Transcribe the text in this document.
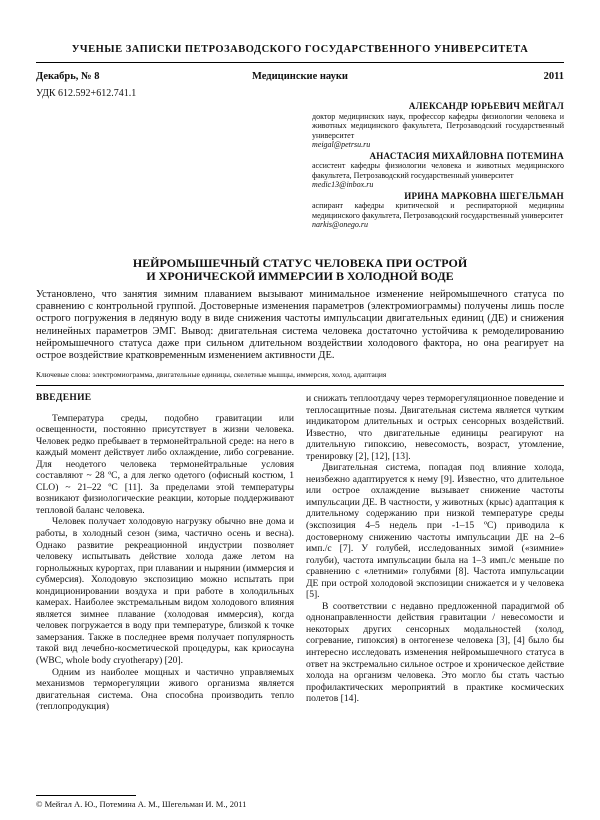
УЧЕНЫЕ ЗАПИСКИ ПЕТРОЗАВОДСКОГО ГОСУДАРСТВЕННОГО УНИВЕРСИТЕТА
Декабрь, № 8	Медицинские науки	2011
УДК 612.592+612.741.1
АЛЕКСАНДР ЮРЬЕВИЧ МЕЙГАЛ
доктор медицинских наук, профессор кафедры физиологии человека и животных медицинского факультета, Петрозаводский государственный университет
meigal@petrsu.ru
АНАСТАСИЯ МИХАЙЛОВНА ПОТЕМИНА
ассистент кафедры физиологии человека и животных медицинского факультета, Петрозаводский государственный университет
medic13@inbox.ru
ИРИНА МАРКОВНА ШЕГЕЛЬМАН
аспирант кафедры критической и респираторной медицины медицинского факультета, Петрозаводский государственный университет
narkis@onego.ru
НЕЙРОМЫШЕЧНЫЙ СТАТУС ЧЕЛОВЕКА ПРИ ОСТРОЙ
И ХРОНИЧЕСКОЙ ИММЕРСИИ В ХОЛОДНОЙ ВОДЕ
Установлено, что занятия зимним плаванием вызывают минимальное изменение нейромышечного статуса по сравнению с контрольной группой. Достоверные изменения параметров (электромиограммы) получены лишь после острого погружения в ледяную воду в виде снижения частоты импульсации двигательных единиц (ДЕ) и снижения нелинейных параметров ЭМГ. Вывод: двигательная система человека достаточно устойчива к ремоделированию нейромышечного статуса даже при сильном длительном воздействии холодового фактора, но она реагирует на острое воздействие кратковременным изменением активности ДЕ.
Ключевые слова: электромиограмма, двигательные единицы, скелетные мышцы, иммерсия, холод, адаптация
ВВЕДЕНИЕ

Температура среды, подобно гравитации или освещенности, постоянно присутствует в жизни человека. Человек редко пребывает в термонейтральной среде: на него в каждый момент действует либо охлаждение, либо согревание. Для неодетого человека термонейтральные условия составляют ~ 28 ºС, а для легко одетого (офисный костюм, 1 CLO) ~ 21–22 ºС [11]. За пределами этой температуры возникают физиологические реакции, которые поддерживают тепловой баланс человека.

Человек получает холодовую нагрузку обычно вне дома и работы, в холодный сезон (зима, частично осень и весна). Однако развитие рекреационной индустрии позволяет человеку испытывать действие холода даже летом на горнолыжных курортах, при плавании и нырянии (иммерсия и субмерсия). Холодовую экспозицию можно испытать при кондиционировании воздуха и при работе в холодильных камерах. Наиболее экстремальным видом холодового влияния является зимнее плавание (холодовая иммерсия), когда человек погружается в воду при температуре, близкой к точке замерзания. Также в последнее время получает популярность такой вид лечебно-косметической процедуры, как криосауна (WBC, whole body cryotherapy) [20].

Одним из наиболее мощных и частично управляемых механизмов терморегуляции живого организма является двигательная система. Она способна производить тепло (теплопродукция)

и снижать теплоотдачу через терморегуляционное поведение и теплосащитные позы. Двигательная система является чутким индикатором длительных и острых сенсорных воздействий. Известно, что двигательные единицы реагируют на длительную гипоксию, невесомость, возраст, утомление, тренировку [2], [12], [13].

Двигательная система, попадая под влияние холода, неизбежно адаптируется к нему [9]. Известно, что длительное или острое охлаждение вызывает снижение частоты импульсации ДЕ. В частности, у животных (крыс) адаптация к длительному содержанию при низкой температуре среды (экспозиция 4–5 недель при -1–15 ºС) приводила к достоверному снижению частоты импульсации ДЕ на 2–6 имп./с [7]. У голубей, исследованных зимой («зимние» голуби), частота импульсации была на 1–3 имп./с меньше по сравнению с «летними» голубями [8]. Частота импульсации ДЕ при острой холодовой экспозиции снижается и у человека [5].

В соответствии с недавно предложенной парадигмой об однонаправленности действия гравитации / невесомости и некоторых других сенсорных модальностей (холод, согревание, гипоксия) в онтогенезе человека [3], [4] было бы интересно исследовать изменения нейромышечного статуса в ответ на экстремально сильное острое и хроническое действие холода на организм человека. Это могло бы стать частью профилактических мероприятий в практике космических полетов [14].

© Мейгал А. Ю., Потемина А. М., Шегельман И. М., 2011
